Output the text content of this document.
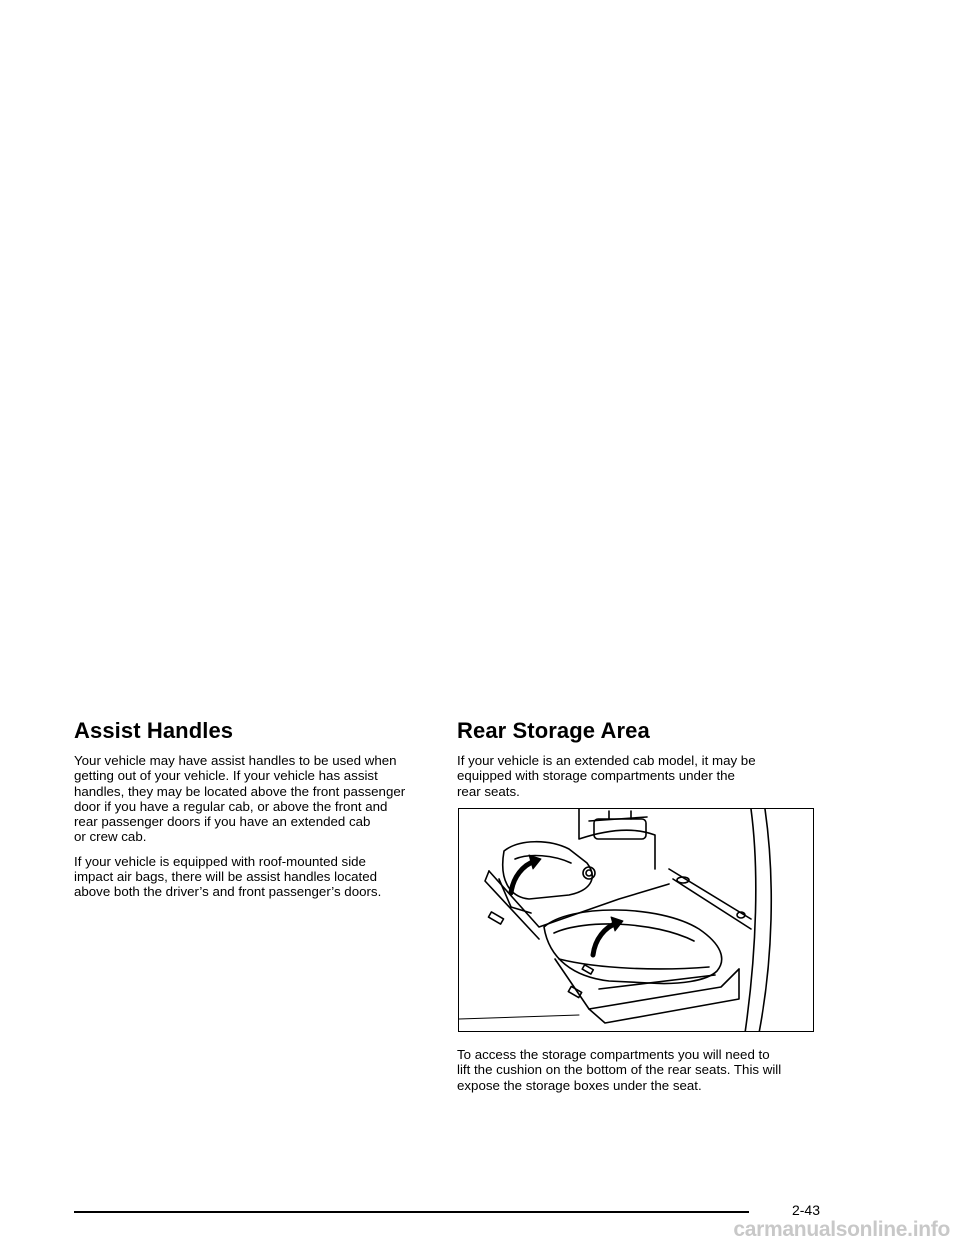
Assist Handles

Your vehicle may have assist handles to be used when
getting out of your vehicle. If your vehicle has assist
handles, they may be located above the front passenger
door if you have a regular cab, or above the front and
rear passenger doors if you have an extended cab
or crew cab.

If your vehicle is equipped with roof-mounted side
impact air bags, there will be assist handles located
above both the driver’s and front passenger’s doors.

Rear Storage Area

If your vehicle is an extended cab model, it may be
equipped with storage compartments under the
rear seats.

To access the storage compartments you will need to
lift the cushion on the bottom of the rear seats. This will
expose the storage boxes under the seat.

2-43
carmanualsonline.info
